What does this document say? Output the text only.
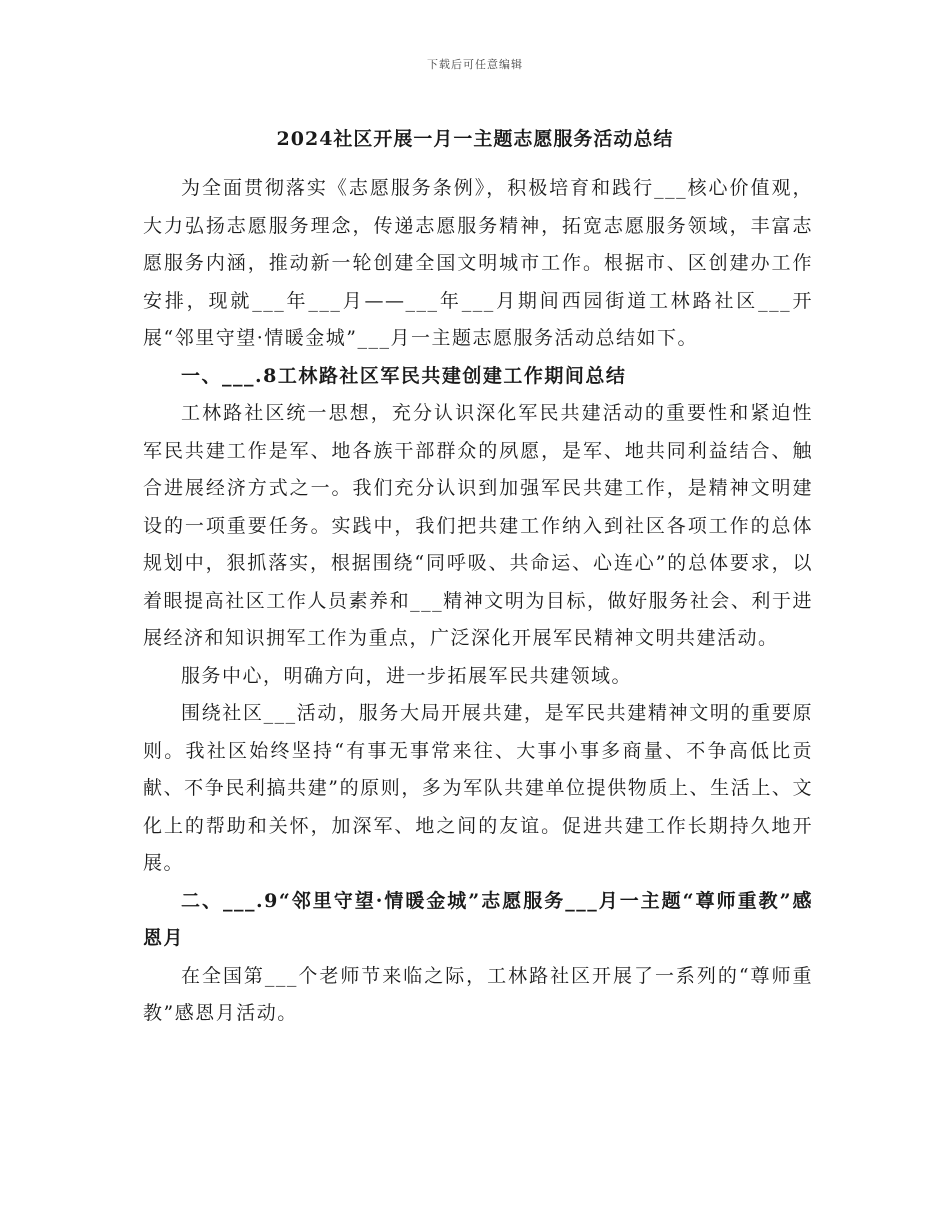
下载后可任意编辑
2024社区开展一月一主题志愿服务活动总结

为全面贯彻落实《志愿服务条例》，积极培育和践行___核心价值观，大力弘扬志愿服务理念，传递志愿服务精神，拓宽志愿服务领域，丰富志愿服务内涵，推动新一轮创建全国文明城市工作。根据市、区创建办工作安排，现就___年___月——___年___月期间西园街道工林路社区___开展“邻里守望·情暖金城”___月一主题志愿服务活动总结如下。

一、___.8工林路社区军民共建创建工作期间总结

工林路社区统一思想，充分认识深化军民共建活动的重要性和紧迫性军民共建工作是军、地各族干部群众的夙愿，是军、地共同利益结合、触合进展经济方式之一。我们充分认识到加强军民共建工作，是精神文明建设的一项重要任务。实践中，我们把共建工作纳入到社区各项工作的总体规划中，狠抓落实，根据围绕“同呼吸、共命运、心连心”的总体要求，以着眼提高社区工作人员素养和___精神文明为目标，做好服务社会、利于进展经济和知识拥军工作为重点，广泛深化开展军民精神文明共建活动。

服务中心，明确方向，进一步拓展军民共建领域。

围绕社区___活动，服务大局开展共建，是军民共建精神文明的重要原则。我社区始终坚持“有事无事常来往、大事小事多商量、不争高低比贡献、不争民利搞共建”的原则，多为军队共建单位提供物质上、生活上、文化上的帮助和关怀，加深军、地之间的友谊。促进共建工作长期持久地开展。

二、___.9“邻里守望·情暖金城”志愿服务___月一主题“尊师重教”感恩月

在全国第___个老师节来临之际，工林路社区开展了一系列的“尊师重教”感恩月活动。
